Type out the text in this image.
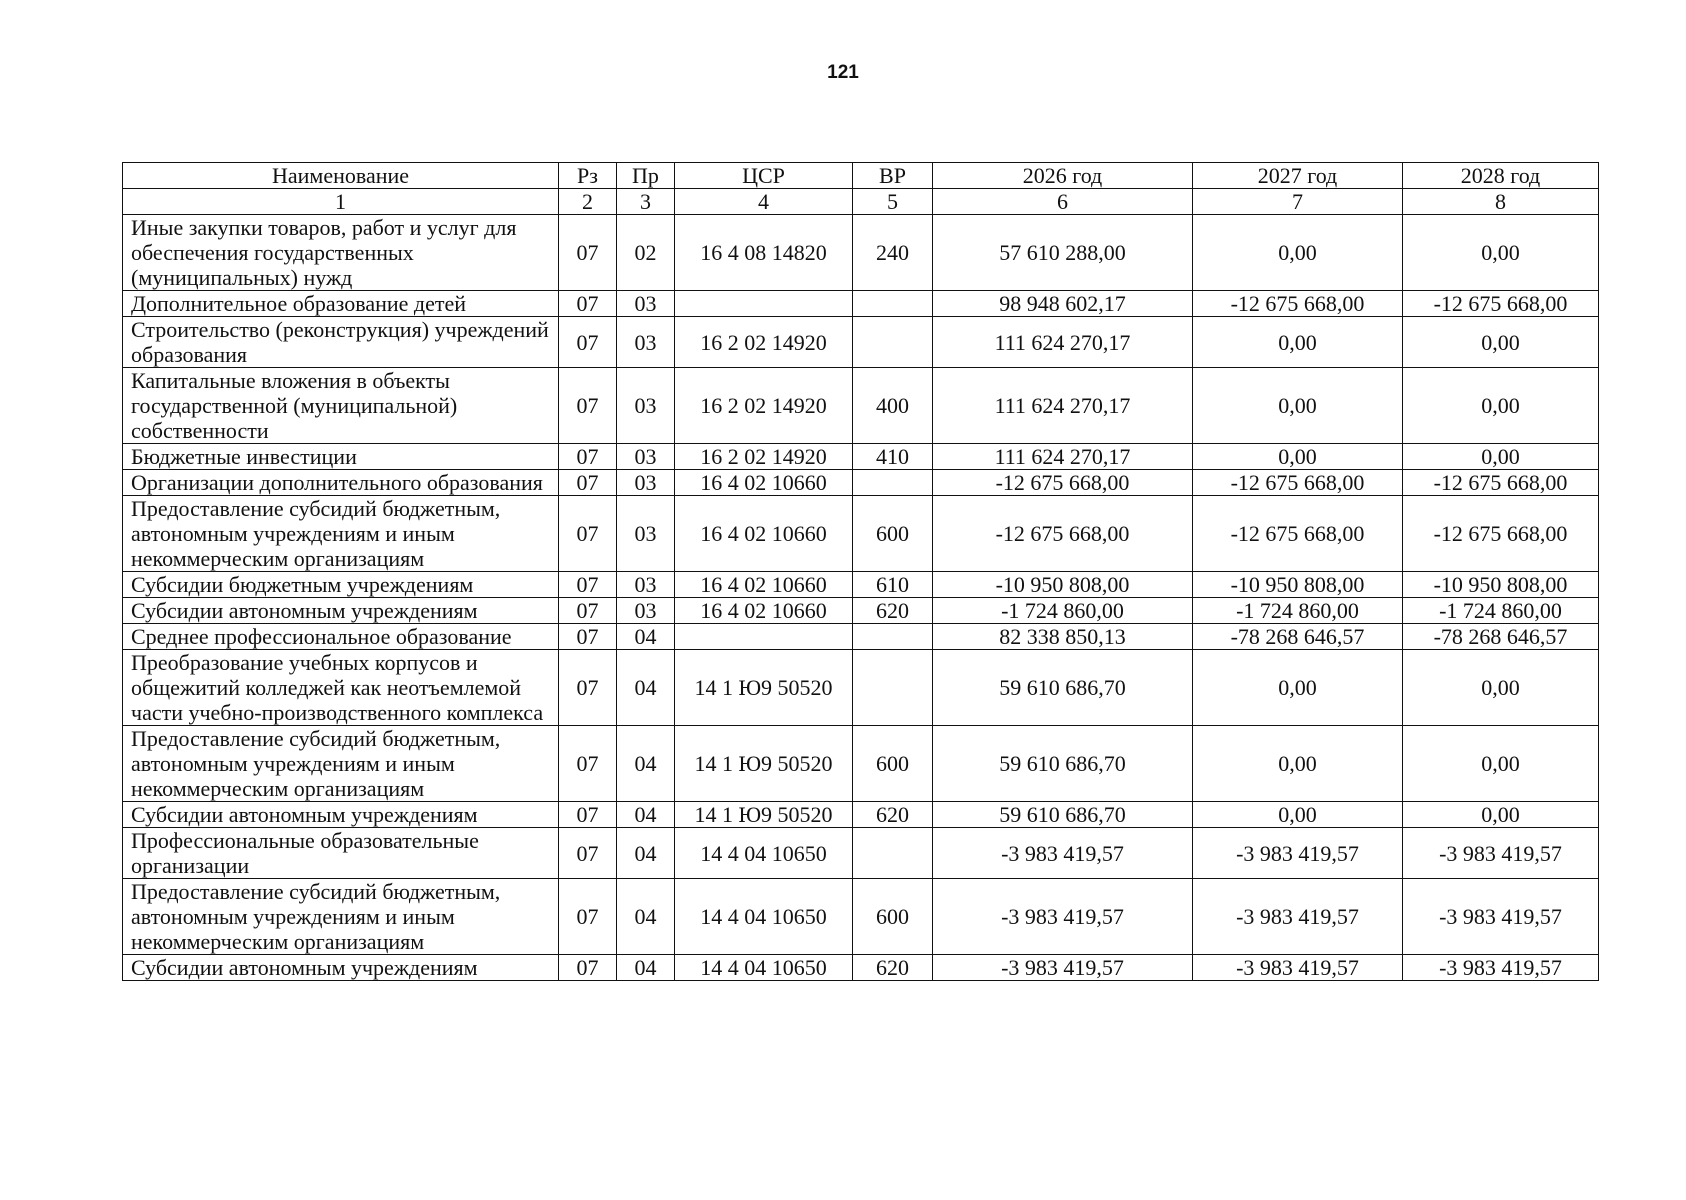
121
Наименование	Рз	Пр	ЦСР	ВР	2026 год	2027 год	2028 год
1	2	3	4	5	6	7	8
Иные закупки товаров, работ и услуг для обеспечения государственных (муниципальных) нужд	07	02	16 4 08 14820	240	57 610 288,00	0,00	0,00
Дополнительное образование детей	07	03			98 948 602,17	-12 675 668,00	-12 675 668,00
Строительство (реконструкция) учреждений образования	07	03	16 2 02 14920		111 624 270,17	0,00	0,00
Капитальные вложения в объекты государственной (муниципальной) собственности	07	03	16 2 02 14920	400	111 624 270,17	0,00	0,00
Бюджетные инвестиции	07	03	16 2 02 14920	410	111 624 270,17	0,00	0,00
Организации дополнительного образования	07	03	16 4 02 10660		-12 675 668,00	-12 675 668,00	-12 675 668,00
Предоставление субсидий бюджетным, автономным учреждениям и иным некоммерческим организациям	07	03	16 4 02 10660	600	-12 675 668,00	-12 675 668,00	-12 675 668,00
Субсидии бюджетным учреждениям	07	03	16 4 02 10660	610	-10 950 808,00	-10 950 808,00	-10 950 808,00
Субсидии автономным учреждениям	07	03	16 4 02 10660	620	-1 724 860,00	-1 724 860,00	-1 724 860,00
Среднее профессиональное образование	07	04			82 338 850,13	-78 268 646,57	-78 268 646,57
Преобразование учебных корпусов и общежитий колледжей как неотъемлемой части учебно-производственного комплекса	07	04	14 1 Ю9 50520		59 610 686,70	0,00	0,00
Предоставление субсидий бюджетным, автономным учреждениям и иным некоммерческим организациям	07	04	14 1 Ю9 50520	600	59 610 686,70	0,00	0,00
Субсидии автономным учреждениям	07	04	14 1 Ю9 50520	620	59 610 686,70	0,00	0,00
Профессиональные образовательные организации	07	04	14 4 04 10650		-3 983 419,57	-3 983 419,57	-3 983 419,57
Предоставление субсидий бюджетным, автономным учреждениям и иным некоммерческим организациям	07	04	14 4 04 10650	600	-3 983 419,57	-3 983 419,57	-3 983 419,57
Субсидии автономным учреждениям	07	04	14 4 04 10650	620	-3 983 419,57	-3 983 419,57	-3 983 419,57
